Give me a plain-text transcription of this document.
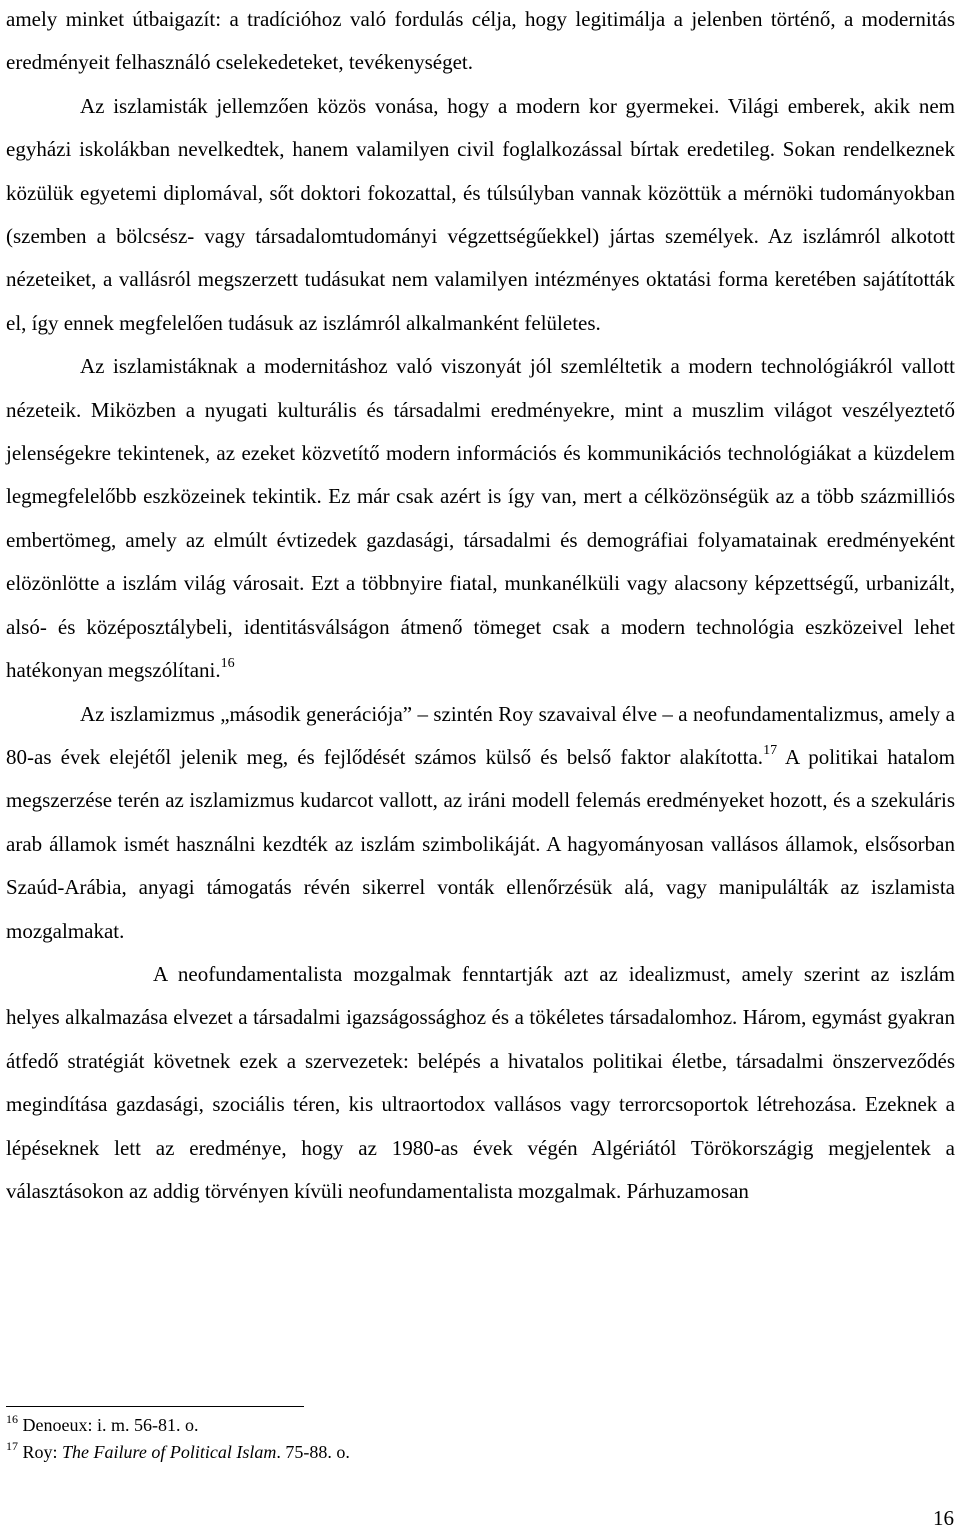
amely minket útbaigazít: a tradícióhoz való fordulás célja, hogy legitimálja a jelenben történő, a modernitás eredményeit felhasználó cselekedeteket, tevékenységet.

Az iszlamisták jellemzően közös vonása, hogy a modern kor gyermekei. Világi emberek, akik nem egyházi iskolákban nevelkedtek, hanem valamilyen civil foglalkozással bírtak eredetileg. Sokan rendelkeznek közülük egyetemi diplomával, sőt doktori fokozattal, és túlsúlyban vannak közöttük a mérnöki tudományokban (szemben a bölcsész- vagy társadalomtudományi végzettségűekkel) jártas személyek. Az iszlámról alkotott nézeteiket, a vallásról megszerzett tudásukat nem valamilyen intézményes oktatási forma keretében sajátították el, így ennek megfelelően tudásuk az iszlámról alkalmanként felületes.

Az iszlamistáknak a modernitáshoz való viszonyát jól szemléltetik a modern technológiákról vallott nézeteik. Miközben a nyugati kulturális és társadalmi eredményekre, mint a muszlim világot veszélyeztető jelenségekre tekintenek, az ezeket közvetítő modern információs és kommunikációs technológiákat a küzdelem legmegfelelőbb eszközeinek tekintik. Ez már csak azért is így van, mert a célközönségük az a több százmilliós embertömeg, amely az elmúlt évtizedek gazdasági, társadalmi és demográfiai folyamatainak eredményeként elözönlötte a iszlám világ városait. Ezt a többnyire fiatal, munkanélküli vagy alacsony képzettségű, urbanizált, alsó- és középosztálybeli, identitásválságon átmenő tömeget csak a modern technológia eszközeivel lehet hatékonyan megszólítani.$^{16}$

Az iszlamizmus „második generációja” – szintén Roy szavaival élve – a neofundamentalizmus, amely a 80-as évek elejétől jelenik meg, és fejlődését számos külső és belső faktor alakította.$^{17}$ A politikai hatalom megszerzése terén az iszlamizmus kudarcot vallott, az iráni modell felemás eredményeket hozott, és a szekuláris arab államok ismét használni kezdték az iszlám szimbolikáját. A hagyományosan vallásos államok, elsősorban Szaúd-Arábia, anyagi támogatás révén sikerrel vonták ellenőrzésük alá, vagy manipulálták az iszlamista mozgalmakat.

A neofundamentalista mozgalmak fenntartják azt az idealizmust, amely szerint az iszlám helyes alkalmazása elvezet a társadalmi igazságossághoz és a tökéletes társadalomhoz. Három, egymást gyakran átfedő stratégiát követnek ezek a szervezetek: belépés a hivatalos politikai életbe, társadalmi önszerveződés megindítása gazdasági, szociális téren, kis ultraortodox vallásos vagy terrorcsoportok létrehozása. Ezeknek a lépéseknek lett az eredménye, hogy az 1980-as évek végén Algériától Törökországig megjelentek a választásokon az addig törvényen kívüli neofundamentalista mozgalmak. Párhuzamosan

$^{16}$ Denoeux: i. m. 56-81. o.

$^{17}$ Roy: The Failure of Political Islam. 75-88. o.

16
